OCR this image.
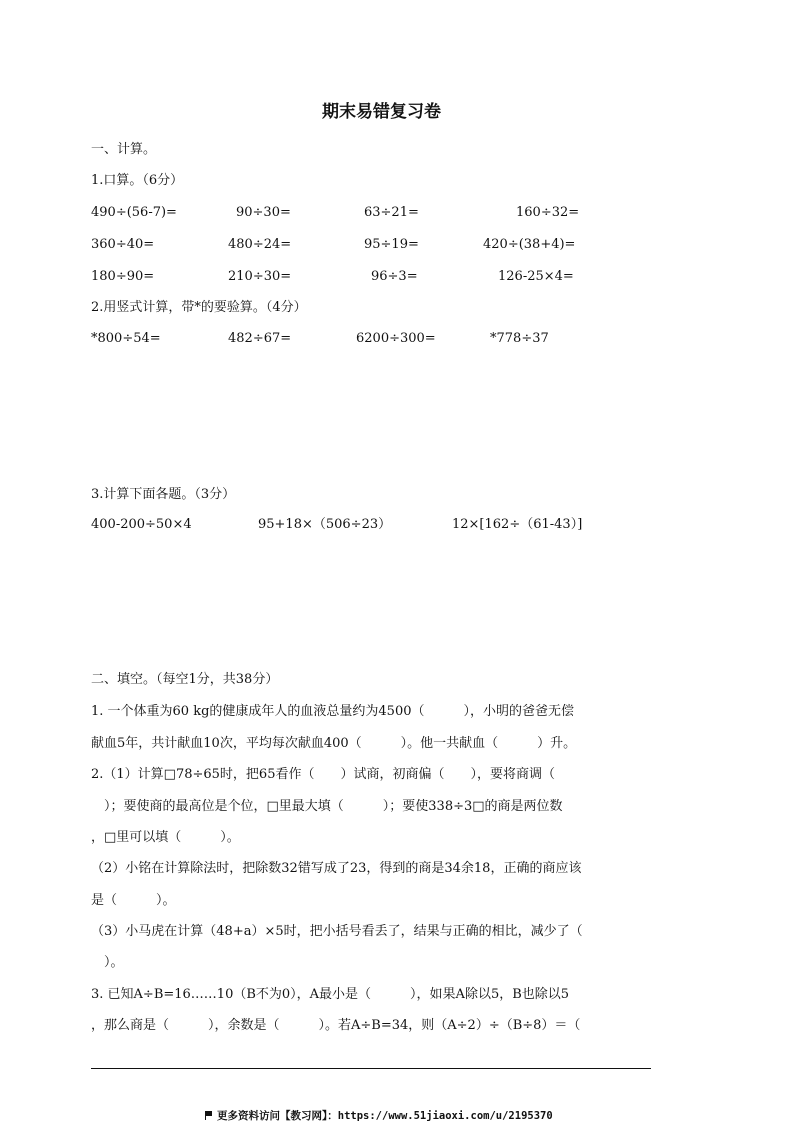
期末易错复习卷
一、计算。
1.口算。（6分）
490÷(56-7)=	90÷30=	63÷21=	160÷32=
360÷40=	480÷24=	95÷19=	420÷(38+4)=
180÷90=	210÷30=	96÷3=	126-25×4=
2.用竖式计算，带*的要验算。（4分）
*800÷54=	482÷67=	6200÷300=	*778÷37
3.计算下面各题。（3分）
400-200÷50×4	95+18×（506÷23）	12×[162÷（61-43）]
二、填空。（每空1分，共38分）
1. 一个体重为60 kg的健康成年人的血液总量约为4500（　　　），小明的爸爸无偿
献血5年，共计献血10次，平均每次献血400（　　　）。他一共献血（　　　）升。
2.（1）计算□78÷65时，把65看作（　　）试商，初商偏（　　），要将商调（
　）；要使商的最高位是个位，□里最大填（　　　）；要使338÷3□的商是两位数
，□里可以填（　　　）。
（2）小铭在计算除法时，把除数32错写成了23，得到的商是34余18，正确的商应该
是（　　　）。
（3）小马虎在计算（48+a）×5时，把小括号看丢了，结果与正确的相比，减少了（
　）。
3. 已知A÷B=16……10（B不为0），A最小是（　　　），如果A除以5，B也除以5
，那么商是（　　　），余数是（　　　）。若A÷B=34，则（A÷2）÷（B÷8）＝（
更多资料访问【教习网】：https://www.51jiaoxi.com/u/2195370
